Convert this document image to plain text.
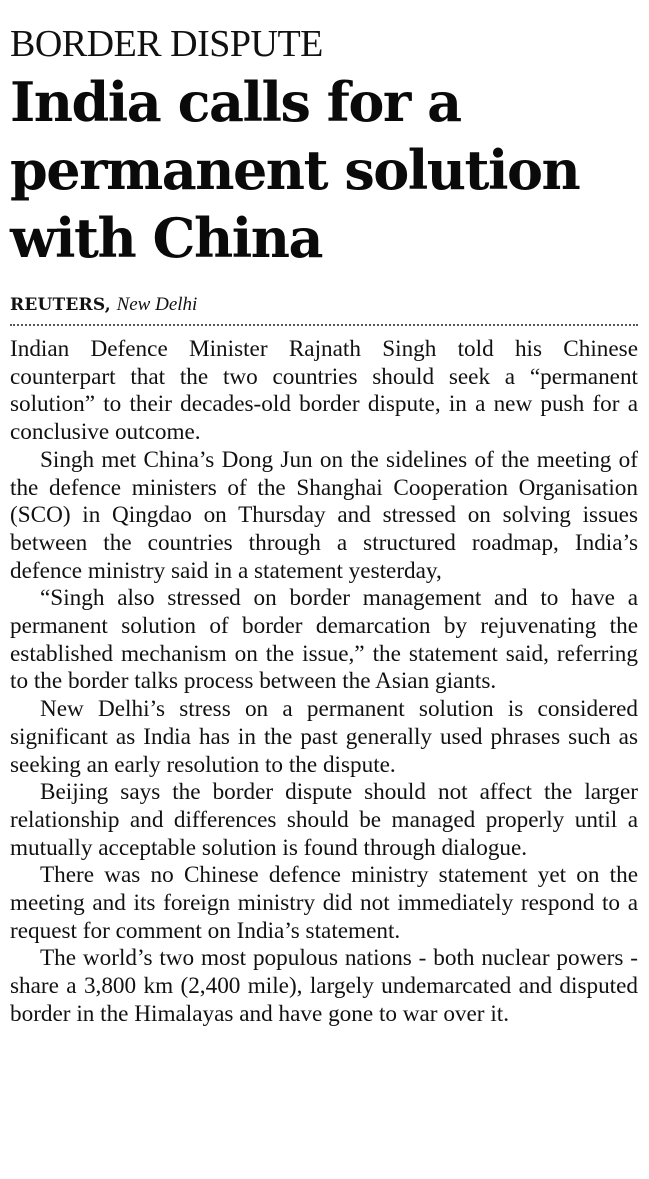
BORDER DISPUTE
India calls for a
permanent solution
with China
REUTERS, New Delhi

Indian Defence Minister Rajnath Singh told his Chinese counterpart that the two countries should seek a “permanent solution” to their decades-old border dispute, in a new push for a conclusive outcome.

Singh met China’s Dong Jun on the sidelines of the meeting of the defence ministers of the Shanghai Cooperation Organisation (SCO) in Qingdao on Thursday and stressed on solving issues between the countries through a structured roadmap, India’s defence ministry said in a statement yesterday,

“Singh also stressed on border management and to have a permanent solution of border demarcation by rejuvenating the established mechanism on the issue,” the statement said, referring to the border talks process between the Asian giants.

New Delhi’s stress on a permanent solution is considered significant as India has in the past generally used phrases such as seeking an early resolution to the dispute.

Beijing says the border dispute should not affect the larger relationship and differences should be managed properly until a mutually acceptable solution is found through dialogue.

There was no Chinese defence ministry statement yet on the meeting and its foreign ministry did not immediately respond to a request for comment on India’s statement.

The world’s two most populous nations - both nuclear powers - share a 3,800 km (2,400 mile), largely undemarcated and disputed border in the Himalayas and have gone to war over it.
